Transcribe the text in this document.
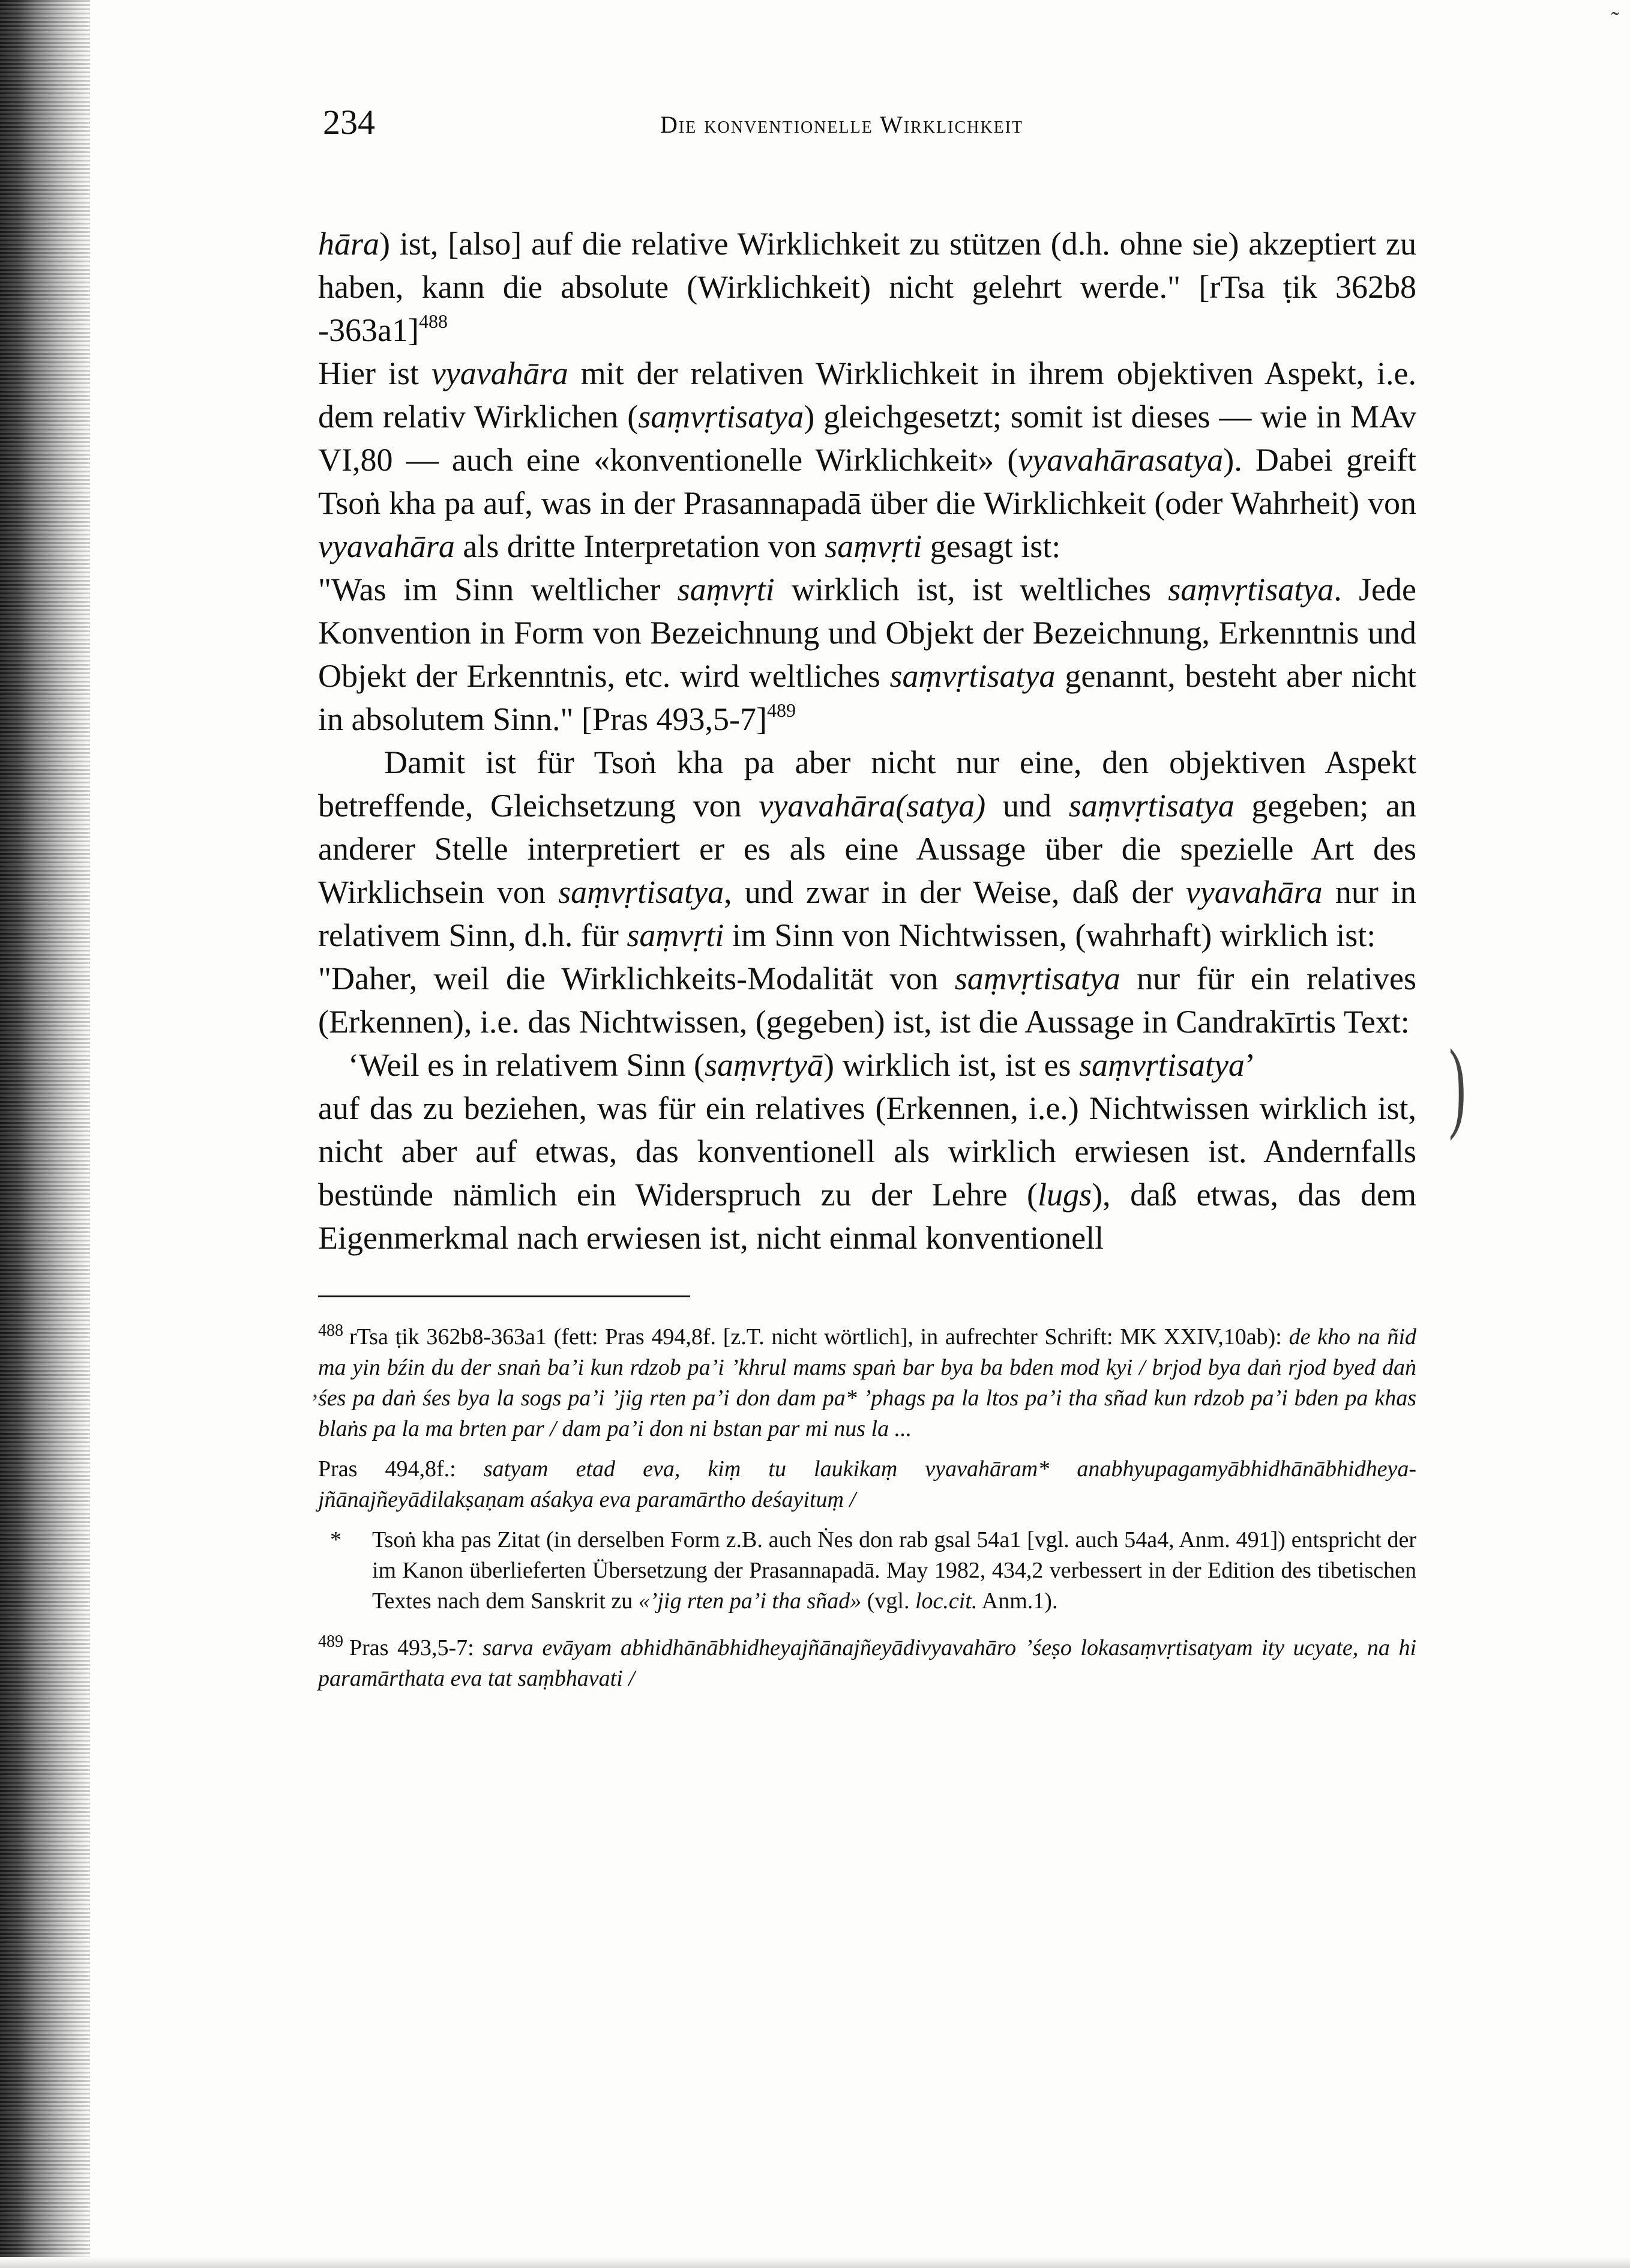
˜
234	Die konventionelle Wirklichkeit

hāra) ist, [also] auf die relative Wirklichkeit zu stützen (d.h. ohne sie) akzeptiert zu haben, kann die absolute (Wirklichkeit) nicht gelehrt werde." [rTsa ṭik 362b8 -363a1]$^{488}$

Hier ist vyavahāra mit der relativen Wirklichkeit in ihrem objektiven Aspekt, i.e. dem relativ Wirklichen (saṃvṛtisatya) gleichgesetzt; somit ist dieses — wie in MAv VI,80 — auch eine «konventionelle Wirklichkeit» (vyavahārasatya). Dabei greift Tsoṅ kha pa auf, was in der Prasannapadā über die Wirklichkeit (oder Wahrheit) von vyavahāra als dritte Interpretation von saṃvṛti gesagt ist:

"Was im Sinn weltlicher saṃvṛti wirklich ist, ist weltliches saṃvṛtisatya. Jede Konvention in Form von Bezeichnung und Objekt der Bezeichnung, Erkenntnis und Objekt der Erkenntnis, etc. wird weltliches saṃvṛtisatya genannt, besteht aber nicht in absolutem Sinn." [Pras 493,5-7]$^{489}$

Damit ist für Tsoṅ kha pa aber nicht nur eine, den objektiven Aspekt betreffende, Gleichsetzung von vyavahāra(satya) und saṃvṛtisatya gegeben; an anderer Stelle interpretiert er es als eine Aussage über die spezielle Art des Wirklichsein von saṃvṛtisatya, und zwar in der Weise, daß der vyavahāra nur in relativem Sinn, d.h. für saṃvṛti im Sinn von Nichtwissen, (wahrhaft) wirklich ist:

"Daher, weil die Wirklichkeits-Modalität von saṃvṛtisatya nur für ein relatives (Erkennen), i.e. das Nichtwissen, (gegeben) ist, ist die Aussage in Candrakīrtis Text:

‘Weil es in relativem Sinn (saṃvṛtyā) wirklich ist, ist es saṃvṛtisatya’

auf das zu beziehen, was für ein relatives (Erkennen, i.e.) Nichtwissen wirklich ist, nicht aber auf etwas, das konventionell als wirklich erwiesen ist. Andernfalls bestünde nämlich ein Widerspruch zu der Lehre (lugs), daß etwas, das dem Eigenmerkmal nach erwiesen ist, nicht einmal konventionell

$^{488}$ rTsa ṭik 362b8-363a1 (fett: Pras 494,8f. [z.T. nicht wörtlich], in aufrechter Schrift: MK XXIV,10ab): de kho na ñid ma yin bźin du der snaṅ ba’i kun rdzob pa’i ’khrul mams spaṅ bar bya ba bden mod kyi / brjod bya daṅ rjod byed daṅ śes pa daṅ śes bya la sogs pa’i ’jig rten pa’i don dam pa* ’phags pa la ltos pa’i tha sñad kun rdzob pa’i bden pa khas blaṅs pa la ma brten par / dam pa’i don ni bstan par mi nus la ...

Pras 494,8f.: satyam etad eva, kiṃ tu laukikaṃ vyavahāram* anabhyupagamyābhidhānābhidheya-jñānajñeyādilakṣaṇam aśakya eva paramārtho deśayituṃ /

*	Tsoṅ kha pas Zitat (in derselben Form z.B. auch Ṅes don rab gsal 54a1 [vgl. auch 54a4, Anm. 491]) entspricht der im Kanon überlieferten Übersetzung der Prasannapadā. May 1982, 434,2 verbessert in der Edition des tibetischen Textes nach dem Sanskrit zu «’jig rten pa’i tha sñad» (vgl. loc.cit. Anm.1).

$^{489}$ Pras 493,5-7: sarva evāyam abhidhānābhidheyajñānajñeyādivyavahāro ’śeṣo lokasaṃvṛtisatyam ity ucyate, na hi paramārthata eva tat saṃbhavati /

)
,
